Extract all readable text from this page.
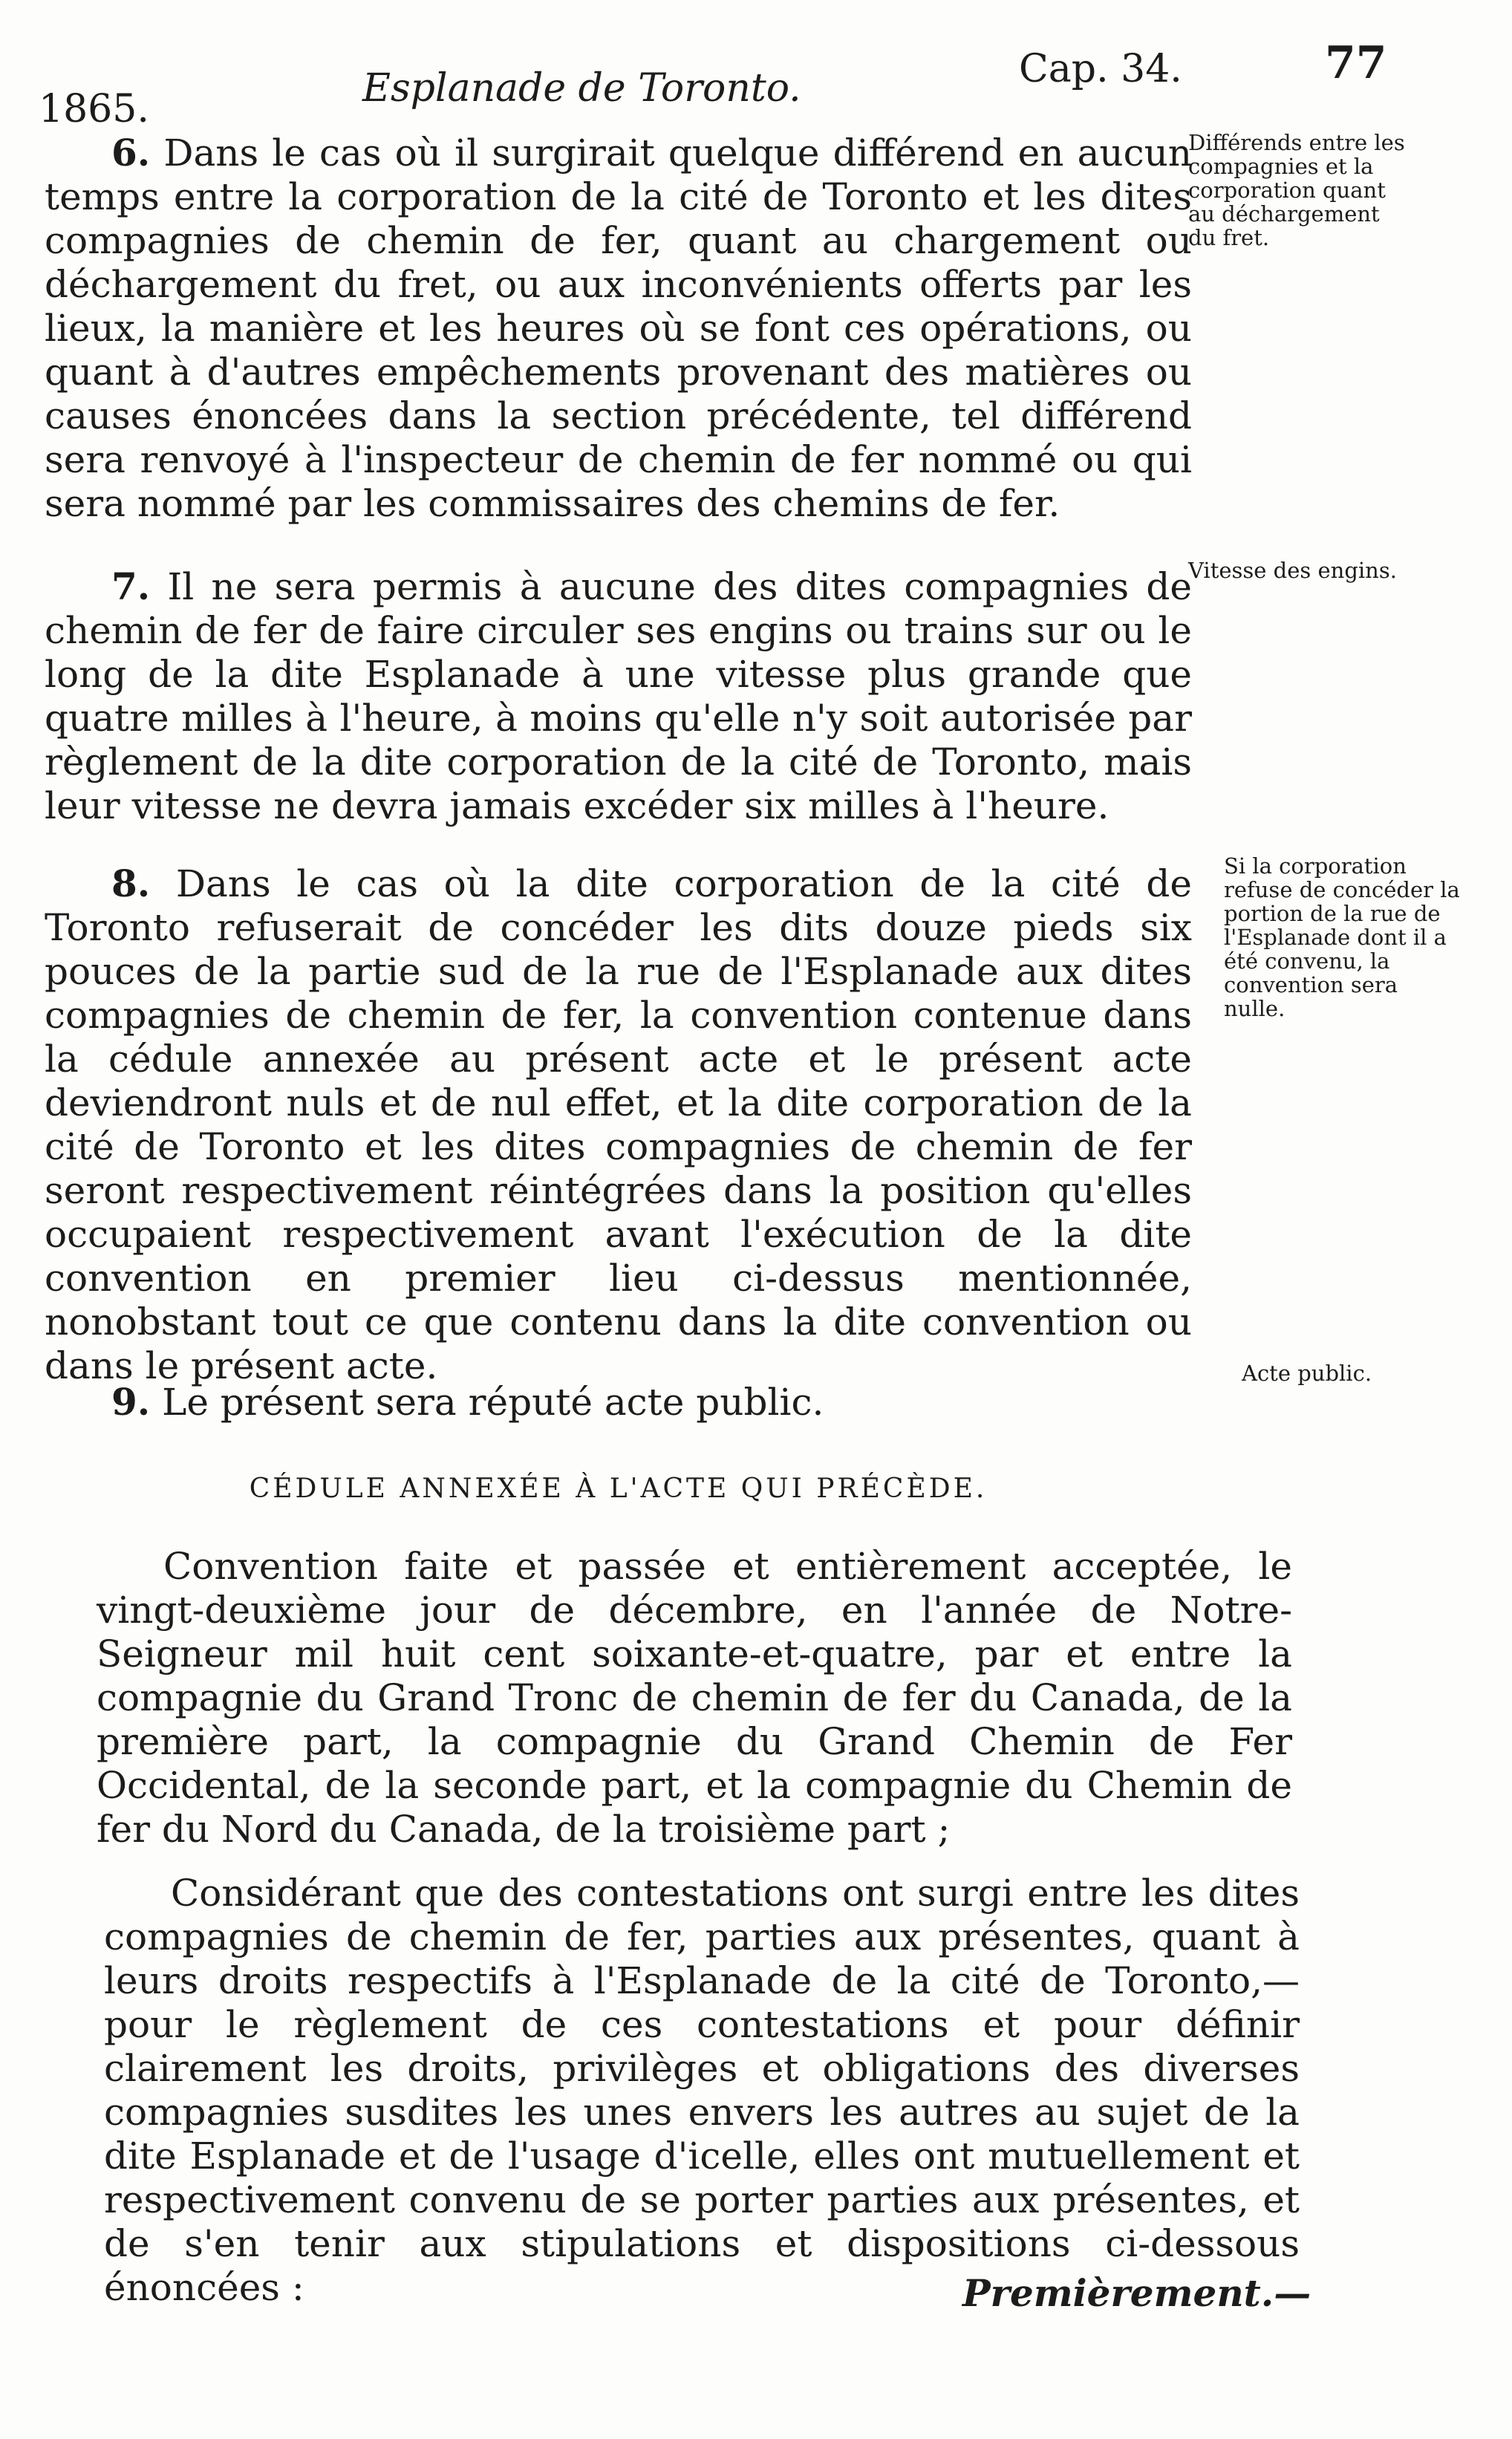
1865.	Esplanade de Toronto.	Cap. 34.	77

6. Dans le cas où il surgirait quelque différend en aucun temps entre la corporation de la cité de Toronto et les dites compagnies de chemin de fer, quant au chargement ou déchargement du fret, ou aux inconvénients offerts par les lieux, la manière et les heures où se font ces opérations, ou quant à d'autres empêchements provenant des matières ou causes énoncées dans la section précédente, tel différend sera renvoyé à l'inspecteur de chemin de fer nommé ou qui sera nommé par les commissaires des chemins de fer.

Différends entre les compagnies et la corporation quant au déchargement du fret.

7. Il ne sera permis à aucune des dites compagnies de chemin de fer de faire circuler ses engins ou trains sur ou le long de la dite Esplanade à une vitesse plus grande que quatre milles à l'heure, à moins qu'elle n'y soit autorisée par règlement de la dite corporation de la cité de Toronto, mais leur vitesse ne devra jamais excéder six milles à l'heure.

Vitesse des engins.

8. Dans le cas où la dite corporation de la cité de Toronto refuserait de concéder les dits douze pieds six pouces de la partie sud de la rue de l'Esplanade aux dites compagnies de chemin de fer, la convention contenue dans la cédule annexée au présent acte et le présent acte deviendront nuls et de nul effet, et la dite corporation de la cité de Toronto et les dites compagnies de chemin de fer seront respectivement réintégrées dans la position qu'elles occupaient respectivement avant l'exécution de la dite convention en premier lieu ci-dessus mentionnée, nonobstant tout ce que contenu dans la dite convention ou dans le présent acte.

Si la corporation refuse de concéder la portion de la rue de l'Esplanade dont il a été convenu, la convention sera nulle.

9. Le présent sera réputé acte public.

Acte public.
CÉDULE ANNEXÉE À L'ACTE QUI PRÉCÈDE.

Convention faite et passée et entièrement acceptée, le vingt-deuxième jour de décembre, en l'année de Notre-Seigneur mil huit cent soixante-et-quatre, par et entre la compagnie du Grand Tronc de chemin de fer du Canada, de la première part, la compagnie du Grand Chemin de Fer Occidental, de la seconde part, et la compagnie du Chemin de fer du Nord du Canada, de la troisième part ;

Considérant que des contestations ont surgi entre les dites compagnies de chemin de fer, parties aux présentes, quant à leurs droits respectifs à l'Esplanade de la cité de Toronto,—pour le règlement de ces contestations et pour définir clairement les droits, privilèges et obligations des diverses compagnies susdites les unes envers les autres au sujet de la dite Esplanade et de l'usage d'icelle, elles ont mutuellement et respectivement convenu de se porter parties aux présentes, et de s'en tenir aux stipulations et dispositions ci-dessous énoncées :	Premièrement.—
